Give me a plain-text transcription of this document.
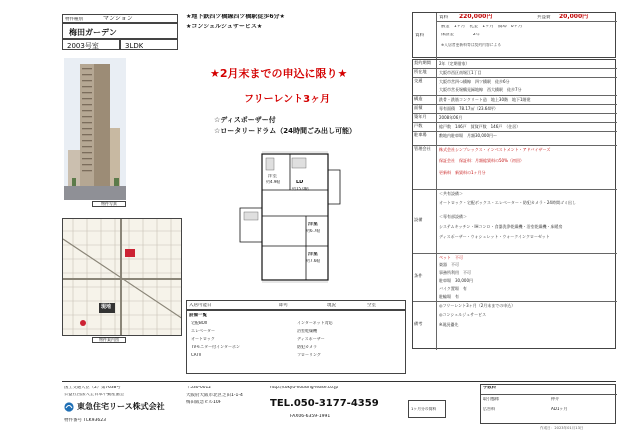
物件種別	マンション
梅田ガーデン
2003号室	3LDK
物件写真
現地
物件案内図
★地下鉄四ツ橋線四ツ橋駅徒歩6分★
★コンシェルジュサービス★
★2月末までの申込に限り★
フリーレント3ヶ月
☆ディスポーザー付
☆ロータリードラム（24時間ごみ出し可能）
LD
約15.0帖
洋室
約4.9帖
洋室
約6.7帖
洋室
約7.6帖
入居可能日	即可	現況	空室
設備一覧
宅配BOX
エレベーター
オートロック
TVモニター付インターホン
CATV
インターネット対応
浴室乾燥機
ディスポーザー
防犯カメラ
フローリング
賃料
賃料 220,000円	共益費 20,000円
敷金　1ヶ月　礼金　1ヶ月　償却　0ヶ月
保証金	2年
※入居者更新料等は契約内容による
契約期間	2年（定期借家）
所在地	大阪市西区南堀江1丁目
交通	大阪市営四つ橋線　四ツ橋駅　徒歩6分
大阪市営長堀鶴見緑地線　西大橋駅　徒歩7分
構造	鉄骨・鉄筋コンクリート造　地上30階　地下1階建
面積	専有面積　78.17㎡（23.64坪）
築年月	2008年06月
戸数	総戸数　146戸　賃貸戸数　146戸　（住居）
駐車場	敷地内駐車場　月額30,000円〜
管理会社	株式会社シンプレックス・インベストメント・アドバイザーズ
保証会社　保証料：月額総賃料の50%（初回）
更新料　新賃料の1ヶ月分
設備
＜共有設備＞
オートロック・宅配ボックス・エレベーター・防犯カメラ・24時間ゴミ出し
＜専有部設備＞
システムキッチン・IHコンロ・食器洗浄乾燥機・浴室乾燥機・床暖房
ディスポーザー・ウォシュレット・ウォークインクローゼット
条件
ペット　不可
楽器　不可
事務所利用　不可
駐車場　30,000円
バイク置場　有
駐輪場　有
備考
◎フリーレント3ヶ月（2月末までの申込）
◎コンシェルジュサービス
※現況優先
国土交通大臣（2）第7638号
公益社団法人全日本不動産協会
東急住宅リース株式会社
物件番号 TLK93623
〒530-0012
大阪府大阪市北区芝田1-1-4
梅田阪急ビル10F
http://tokyu-housing-lease.co.jp
TEL.050-3177-4359
FAX06-6359-1991
1ヶ月分の賃料
手数料
取引態様	仲介
広告料	AD1ヶ月
作成日：2023年01月13日
